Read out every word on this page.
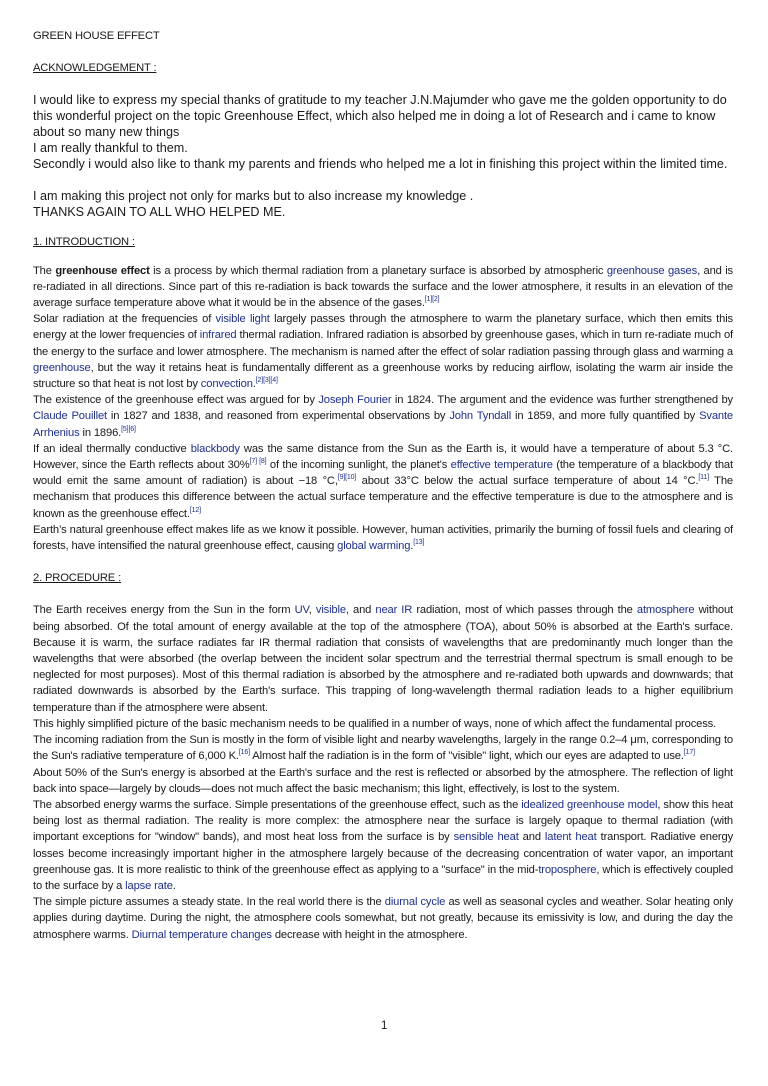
GREEN HOUSE EFFECT
ACKNOWLEDGEMENT :

I would like to express my special thanks of gratitude to my teacher J.N.Majumder who gave me the golden opportunity to do this wonderful project on the topic Greenhouse Effect, which also helped me in doing a lot of Research and i came to know about so many new things

I am really thankful to them.

Secondly i would also like to thank my parents and friends who helped me a lot in finishing this project within the limited time.

I am making this project not only for marks but to also increase my knowledge .

THANKS AGAIN TO ALL WHO HELPED ME.

1. INTRODUCTION :

The greenhouse effect is a process by which thermal radiation from a planetary surface is absorbed by atmospheric greenhouse gases, and is re-radiated in all directions. Since part of this re-radiation is back towards the surface and the lower atmosphere, it results in an elevation of the average surface temperature above what it would be in the absence of the gases.[1][2]

Solar radiation at the frequencies of visible light largely passes through the atmosphere to warm the planetary surface, which then emits this energy at the lower frequencies of infrared thermal radiation. Infrared radiation is absorbed by greenhouse gases, which in turn re-radiate much of the energy to the surface and lower atmosphere. The mechanism is named after the effect of solar radiation passing through glass and warming a greenhouse, but the way it retains heat is fundamentally different as a greenhouse works by reducing airflow, isolating the warm air inside the structure so that heat is not lost by convection.[2][3][4]

The existence of the greenhouse effect was argued for by Joseph Fourier in 1824. The argument and the evidence was further strengthened by Claude Pouillet in 1827 and 1838, and reasoned from experimental observations by John Tyndall in 1859, and more fully quantified by Svante Arrhenius in 1896.[5][6]

If an ideal thermally conductive blackbody was the same distance from the Sun as the Earth is, it would have a temperature of about 5.3 °C. However, since the Earth reflects about 30%[7] [8] of the incoming sunlight, the planet's effective temperature (the temperature of a blackbody that would emit the same amount of radiation) is about −18 °C,[9][10] about 33°C below the actual surface temperature of about 14 °C.[11] The mechanism that produces this difference between the actual surface temperature and the effective temperature is due to the atmosphere and is known as the greenhouse effect.[12]

Earth’s natural greenhouse effect makes life as we know it possible. However, human activities, primarily the burning of fossil fuels and clearing of forests, have intensified the natural greenhouse effect, causing global warming.[13]

2. PROCEDURE :

The Earth receives energy from the Sun in the form UV, visible, and near IR radiation, most of which passes through the atmosphere without being absorbed. Of the total amount of energy available at the top of the atmosphere (TOA), about 50% is absorbed at the Earth's surface. Because it is warm, the surface radiates far IR thermal radiation that consists of wavelengths that are predominantly much longer than the wavelengths that were absorbed (the overlap between the incident solar spectrum and the terrestrial thermal spectrum is small enough to be neglected for most purposes). Most of this thermal radiation is absorbed by the atmosphere and re-radiated both upwards and downwards; that radiated downwards is absorbed by the Earth's surface. This trapping of long-wavelength thermal radiation leads to a higher equilibrium temperature than if the atmosphere were absent.

This highly simplified picture of the basic mechanism needs to be qualified in a number of ways, none of which affect the fundamental process.

The incoming radiation from the Sun is mostly in the form of visible light and nearby wavelengths, largely in the range 0.2–4 μm, corresponding to the Sun's radiative temperature of 6,000 K.[16] Almost half the radiation is in the form of "visible" light, which our eyes are adapted to use.[17]

About 50% of the Sun's energy is absorbed at the Earth's surface and the rest is reflected or absorbed by the atmosphere. The reflection of light back into space—largely by clouds—does not much affect the basic mechanism; this light, effectively, is lost to the system.

The absorbed energy warms the surface. Simple presentations of the greenhouse effect, such as the idealized greenhouse model, show this heat being lost as thermal radiation. The reality is more complex: the atmosphere near the surface is largely opaque to thermal radiation (with important exceptions for "window" bands), and most heat loss from the surface is by sensible heat and latent heat transport. Radiative energy losses become increasingly important higher in the atmosphere largely because of the decreasing concentration of water vapor, an important greenhouse gas. It is more realistic to think of the greenhouse effect as applying to a "surface" in the mid-troposphere, which is effectively coupled to the surface by a lapse rate.

The simple picture assumes a steady state. In the real world there is the diurnal cycle as well as seasonal cycles and weather. Solar heating only applies during daytime. During the night, the atmosphere cools somewhat, but not greatly, because its emissivity is low, and during the day the atmosphere warms. Diurnal temperature changes decrease with height in the atmosphere.

1
